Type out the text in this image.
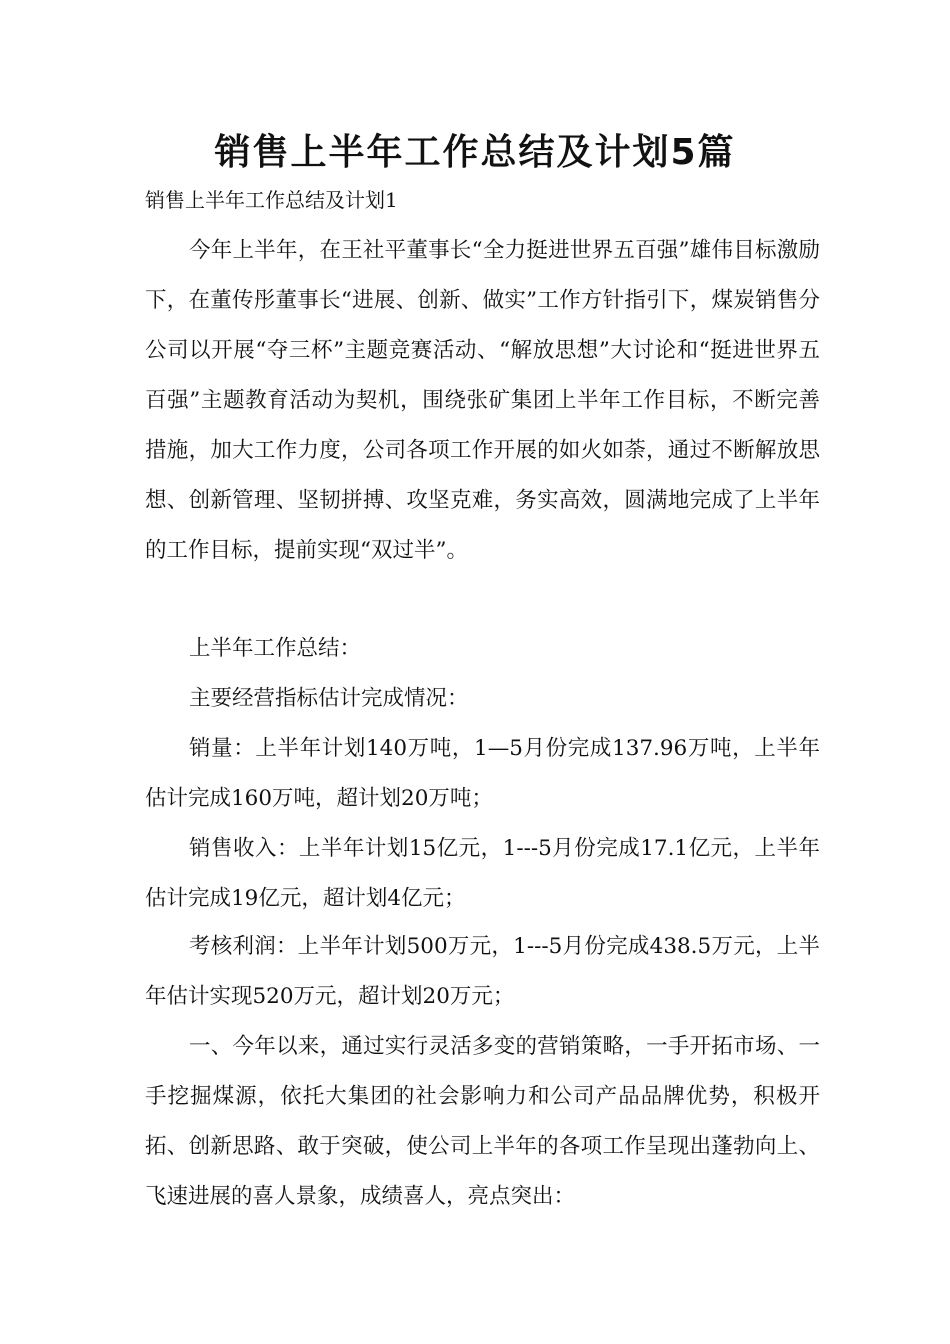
销售上半年工作总结及计划5篇
销售上半年工作总结及计划1

今年上半年，在王社平董事长“全力挺进世界五百强”雄伟目标激励下，在董传彤董事长“进展、创新、做实”工作方针指引下，煤炭销售分公司以开展“夺三杯”主题竞赛活动、“解放思想”大讨论和“挺进世界五百强”主题教育活动为契机，围绕张矿集团上半年工作目标，不断完善措施，加大工作力度，公司各项工作开展的如火如荼，通过不断解放思想、创新管理、坚韧拼搏、攻坚克难，务实高效，圆满地完成了上半年的工作目标，提前实现“双过半”。

上半年工作总结：

主要经营指标估计完成情况：

销量：上半年计划140万吨，1—5月份完成137.96万吨，上半年估计完成160万吨，超计划20万吨；

销售收入：上半年计划15亿元，1---5月份完成17.1亿元，上半年估计完成19亿元，超计划4亿元；

考核利润：上半年计划500万元，1---5月份完成438.5万元，上半年估计实现520万元，超计划20万元；

一、今年以来，通过实行灵活多变的营销策略，一手开拓市场、一手挖掘煤源，依托大集团的社会影响力和公司产品品牌优势，积极开拓、创新思路、敢于突破，使公司上半年的各项工作呈现出蓬勃向上、飞速进展的喜人景象，成绩喜人，亮点突出：
